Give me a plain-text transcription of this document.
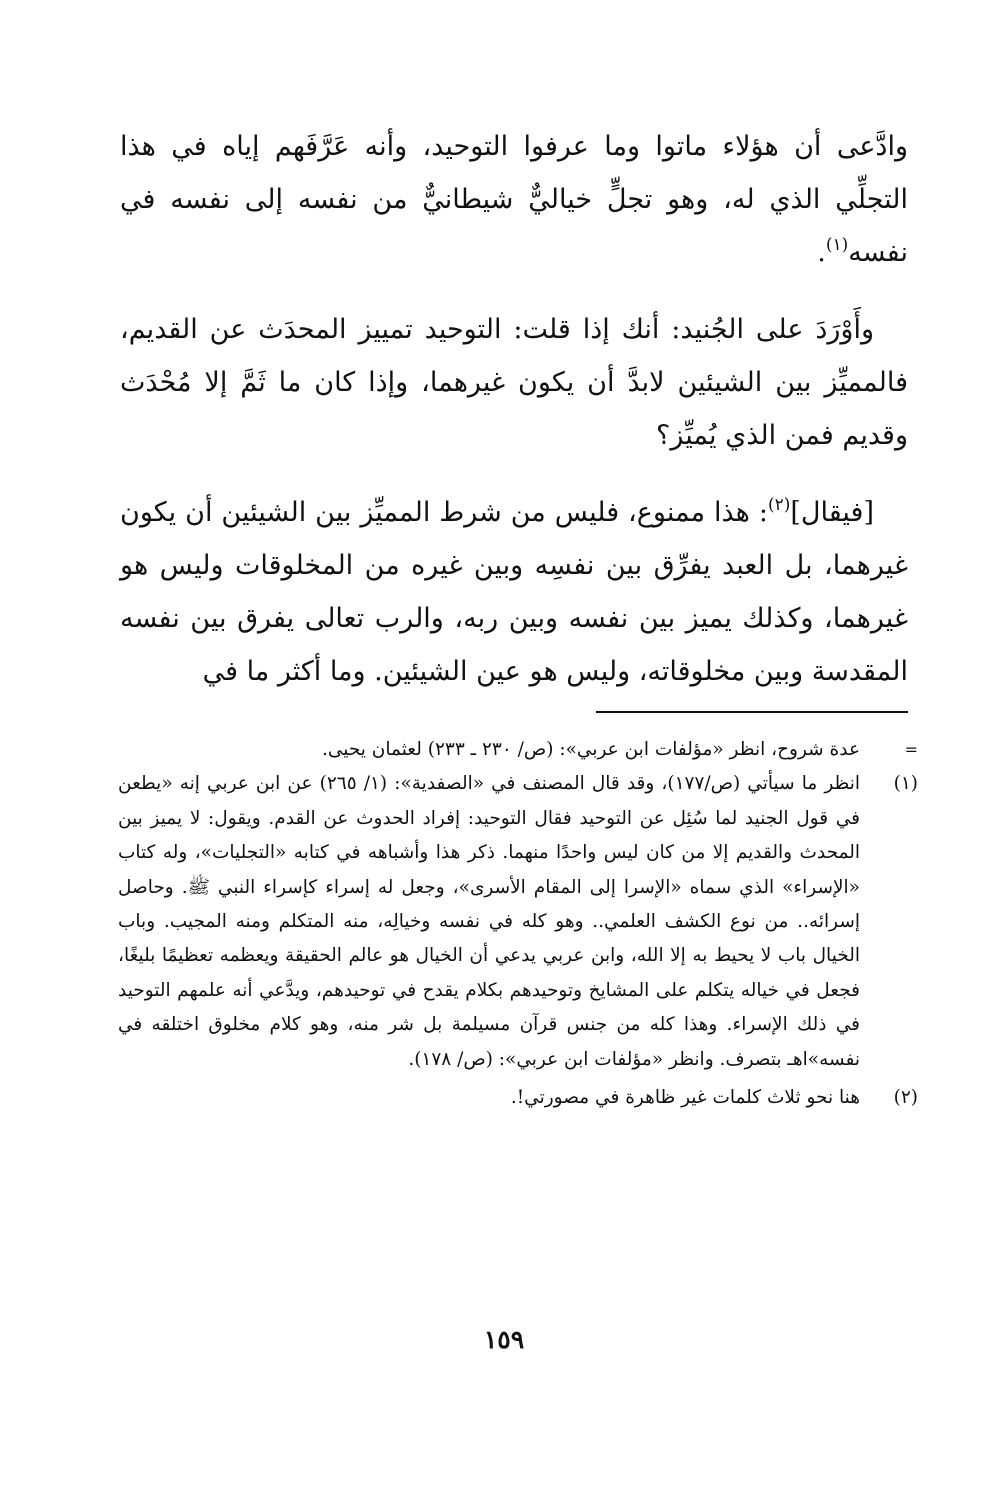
وادَّعى أن هؤلاء ماتوا وما عرفوا التوحيد، وأنه عَرَّفَهم إياه في هذا التجلِّي الذي له، وهو تجلٍّ خياليٌّ شيطانيٌّ من نفسه إلى نفسه في نفسه$^{(١)}$.

وأَوْرَدَ على الجُنيد: أنك إذا قلت: التوحيد تمييز المحدَث عن القديم، فالمميِّز بين الشيئين لابدَّ أن يكون غيرهما، وإذا كان ما ثَمَّ إلا مُحْدَث وقديم فمن الذي يُميِّز؟

[فيقال]$^{(٢)}$: هذا ممنوع، فليس من شرط المميِّز بين الشيئين أن يكون غيرهما، بل العبد يفرِّق بين نفسِه وبين غيره من المخلوقات وليس هو غيرهما، وكذلك يميز بين نفسه وبين ربه، والرب تعالى يفرق بين نفسه المقدسة وبين مخلوقاته، وليس هو عين الشيئين. وما أكثر ما في

=
عدة شروح، انظر «مؤلفات ابن عربي»: (ص/ ٢٣٠ ـ ٢٣٣) لعثمان يحيى.
(١)
انظر ما سيأتي (ص/١٧٧)، وقد قال المصنف في «الصفدية»: (١/ ٢٦٥) عن ابن عربي إنه «يطعن في قول الجنيد لما سُئِل عن التوحيد فقال التوحيد: إفراد الحدوث عن القدم. ويقول: لا يميز بين المحدث والقديم إلا من كان ليس واحدًا منهما. ذكر هذا وأشباهه في كتابه «التجليات»، وله كتاب «الإسراء» الذي سماه «الإسرا إلى المقام الأسرى»، وجعل له إسراء كإسراء النبي ﷺ. وحاصل إسرائه.. من نوع الكشف العلمي.. وهو كله في نفسه وخيالِه، منه المتكلم ومنه المجيب. وباب الخيال باب لا يحيط به إلا الله، وابن عربي يدعي أن الخيال هو عالم الحقيقة ويعظمه تعظيمًا بليغًا، فجعل في خياله يتكلم على المشايخ وتوحيدهم بكلام يقدح في توحيدهم، ويدَّعي أنه علمهم التوحيد في ذلك الإسراء. وهذا كله من جنس قرآن مسيلمة بل شر منه، وهو كلام مخلوق اختلقه في نفسه»اهـ بتصرف. وانظر «مؤلفات ابن عربي»: (ص/ ١٧٨).
(٢)
هنا نحو ثلاث كلمات غير ظاهرة في مصورتي!.
١٥٩
